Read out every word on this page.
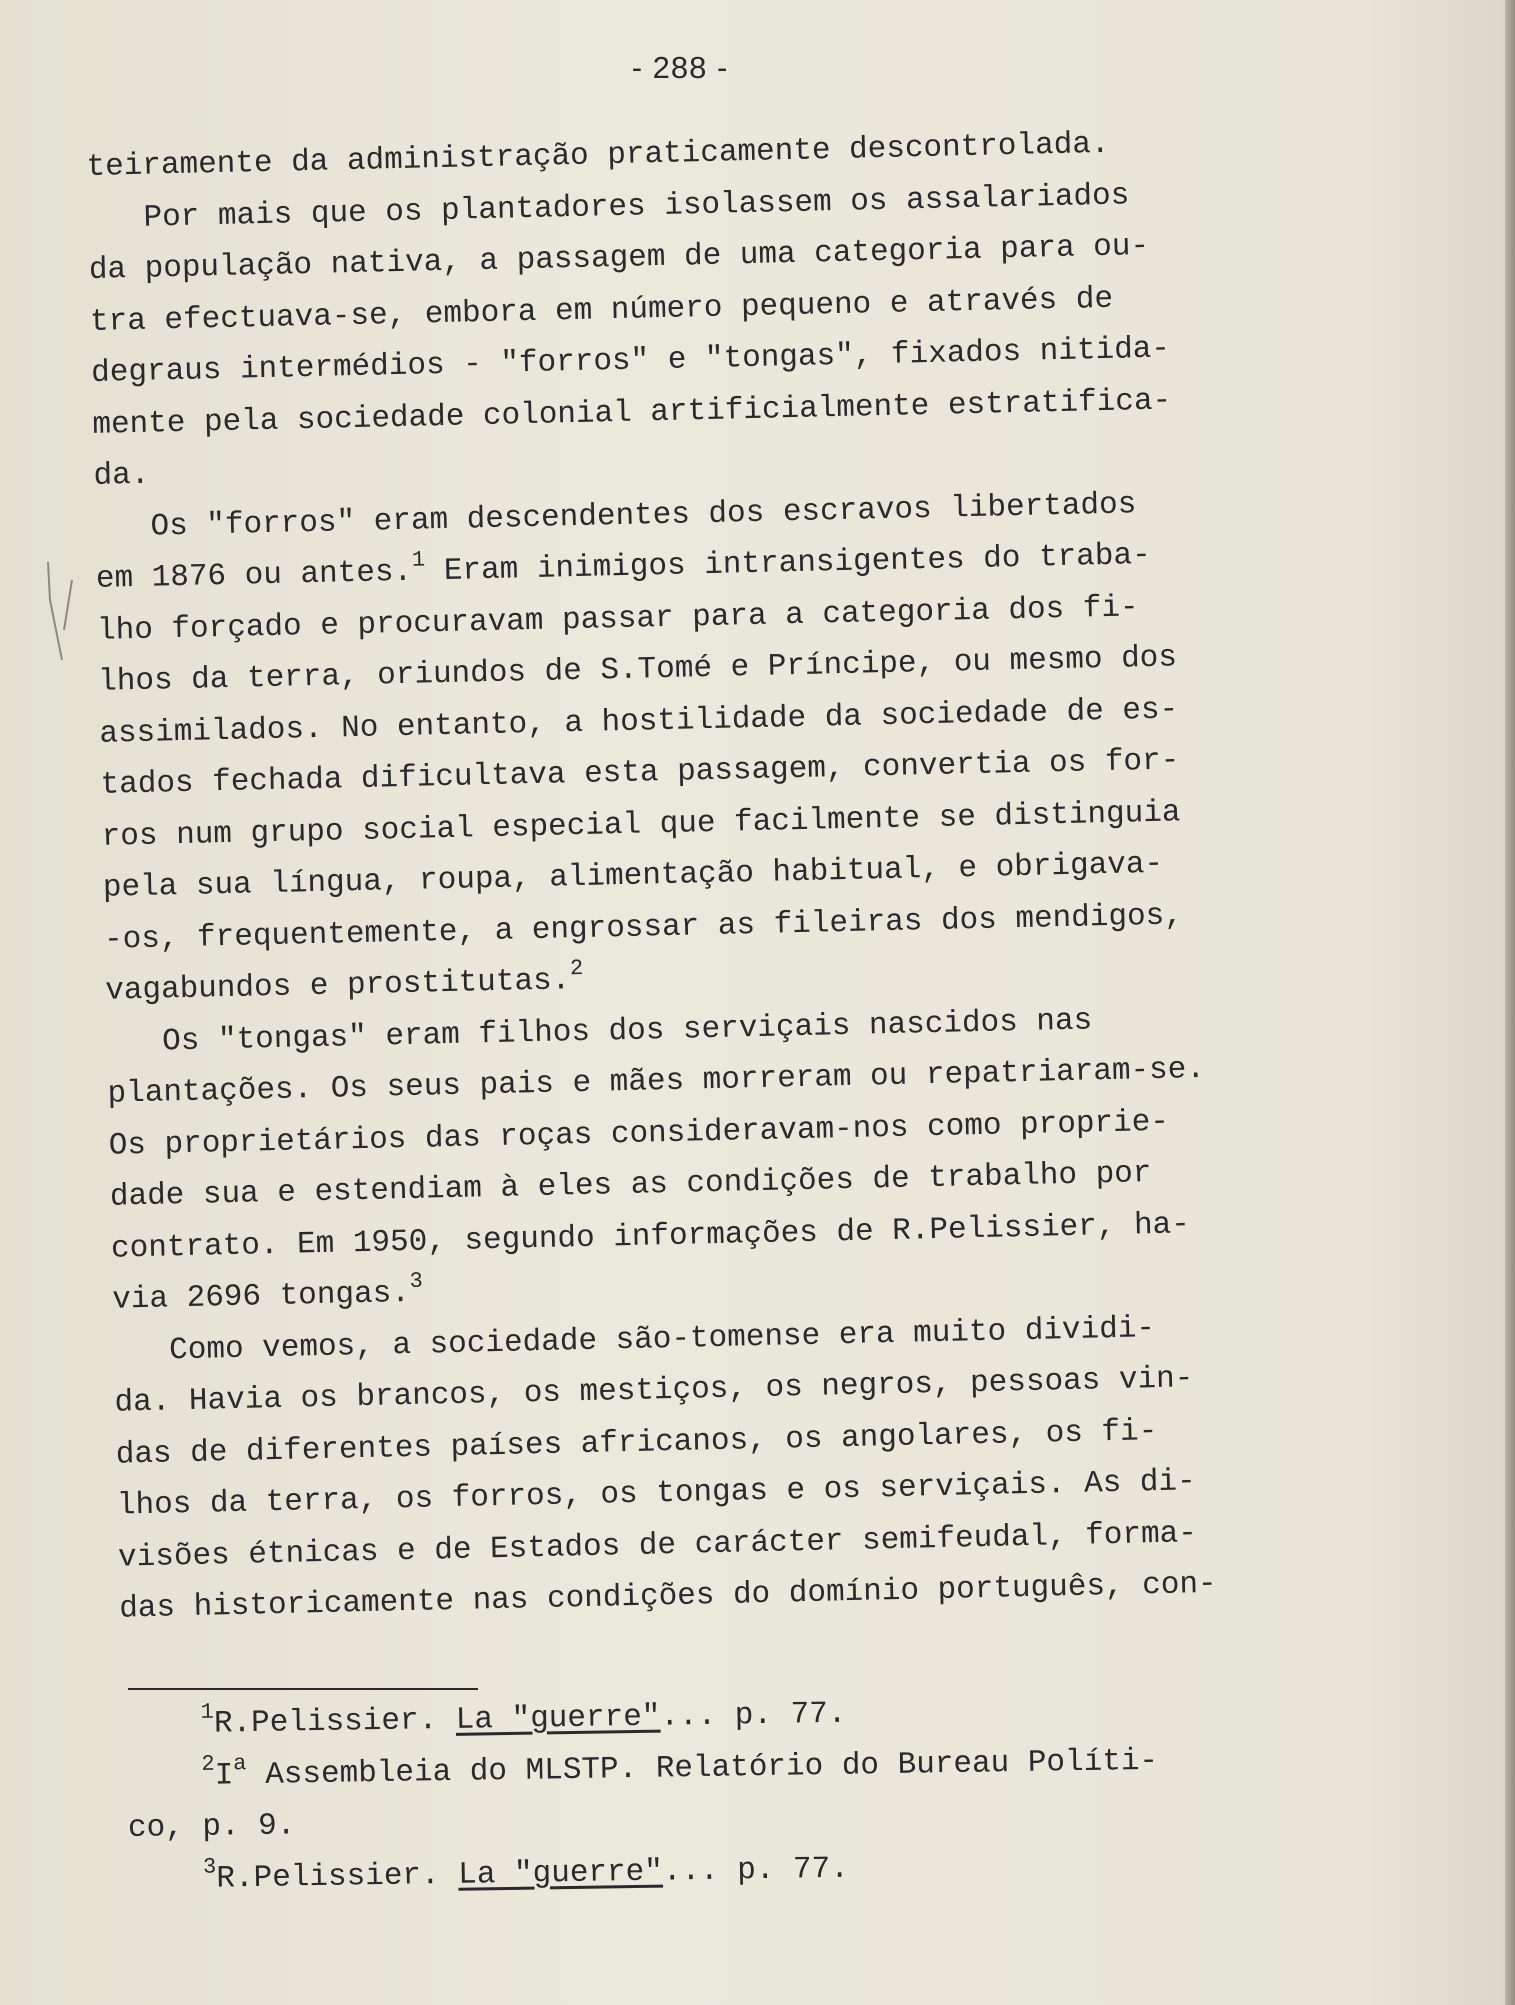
- 288 -
teiramente da administração praticamente descontrolada.
Por mais que os plantadores isolassem os assalariados
da população nativa, a passagem de uma categoria para ou-
tra efectuava-se, embora em número pequeno e através de
degraus intermédios - "forros" e "tongas", fixados nitida-
mente pela sociedade colonial artificialmente estratifica-
da.
Os "forros" eram descendentes dos escravos libertados
em 1876 ou antes.$^1$ Eram inimigos intransigentes do traba-
lho forçado e procuravam passar para a categoria dos fi-
lhos da terra, oriundos de S.Tomé e Príncipe, ou mesmo dos
assimilados. No entanto, a hostilidade da sociedade de es-
tados fechada dificultava esta passagem, convertia os for-
ros num grupo social especial que facilmente se distinguia
pela sua língua, roupa, alimentação habitual, e obrigava-
-os, frequentemente, a engrossar as fileiras dos mendigos,
vagabundos e prostitutas.$^2$
Os "tongas" eram filhos dos serviçais nascidos nas
plantações. Os seus pais e mães morreram ou repatriaram-se.
Os proprietários das roças consideravam-nos como proprie-
dade sua e estendiam à eles as condições de trabalho por
contrato. Em 1950, segundo informações de R.Pelissier, ha-
via 2696 tongas.$^3$
Como vemos, a sociedade são-tomense era muito dividi-
da. Havia os brancos, os mestiços, os negros, pessoas vin-
das de diferentes países africanos, os angolares, os fi-
lhos da terra, os forros, os tongas e os serviçais. As di-
visões étnicas e de Estados de carácter semifeudal, forma-
das historicamente nas condições do domínio português, con-
$^1$R.Pelissier. La "guerre"... p. 77.
$^2I^a$ Assembleia do MLSTP. Relatório do Bureau Políti-
co, p. 9.
$^3$R.Pelissier. La "guerre"... p. 77.
